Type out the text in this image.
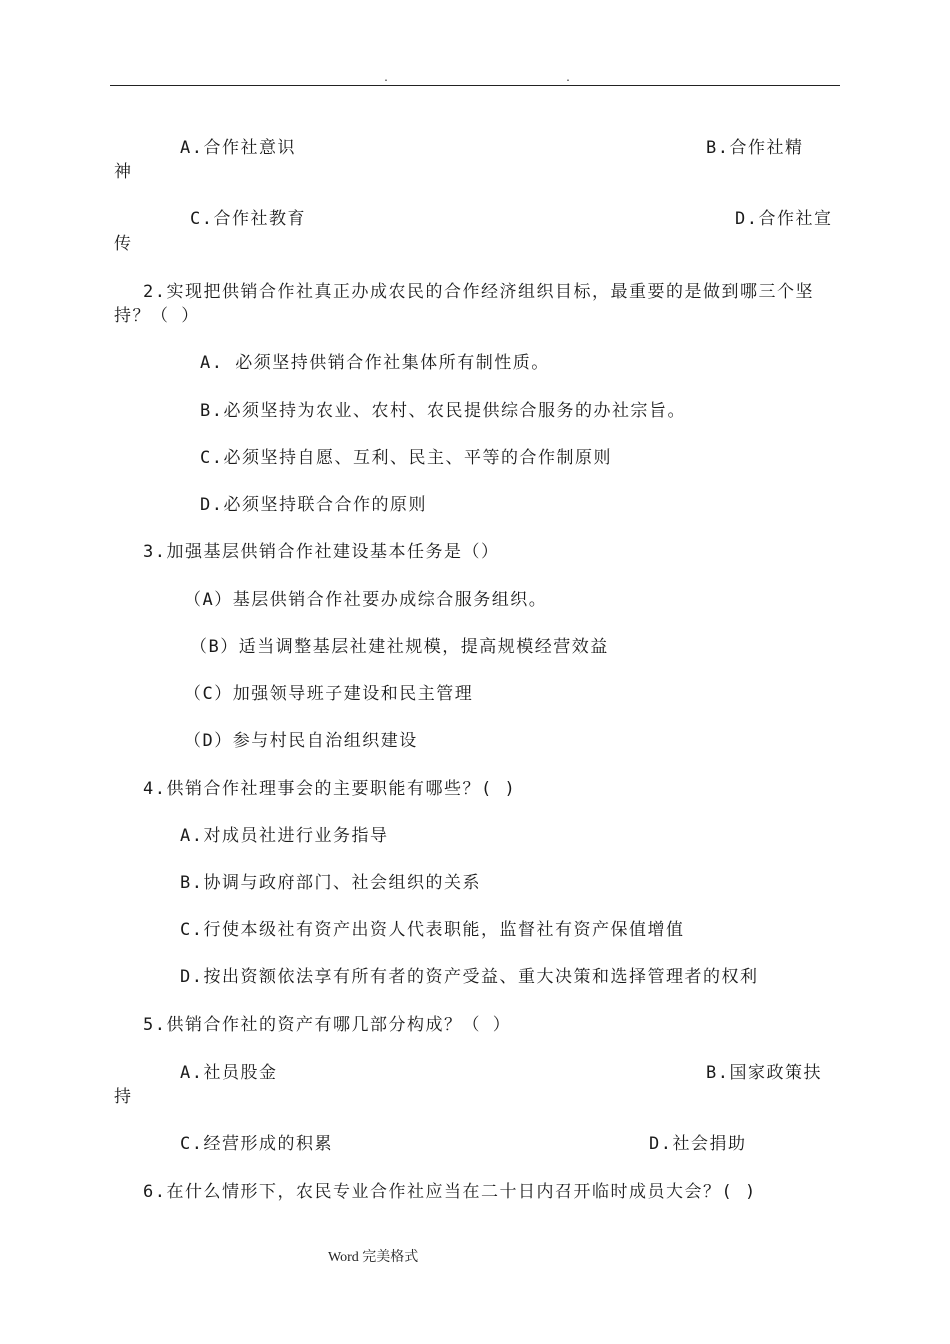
.	.
A.合作社意识	B.合作社精
神
C.合作社教育	D.合作社宣
传
2.实现把供销合作社真正办成农民的合作经济组织目标，最重要的是做到哪三个坚
持？（ ）
A. 必须坚持供销合作社集体所有制性质。
B.必须坚持为农业、农村、农民提供综合服务的办社宗旨。
C.必须坚持自愿、互利、民主、平等的合作制原则
D.必须坚持联合合作的原则
3.加强基层供销合作社建设基本任务是（）
（A）基层供销合作社要办成综合服务组织。
（B）适当调整基层社建社规模，提高规模经营效益
（C）加强领导班子建设和民主管理
（D）参与村民自治组织建设
4.供销合作社理事会的主要职能有哪些？( )
A.对成员社进行业务指导
B.协调与政府部门、社会组织的关系
C.行使本级社有资产出资人代表职能，监督社有资产保值增值
D.按出资额依法享有所有者的资产受益、重大决策和选择管理者的权利
5.供销合作社的资产有哪几部分构成？（ ）
A.社员股金	B.国家政策扶
持
C.经营形成的积累	D.社会捐助
6.在什么情形下，农民专业合作社应当在二十日内召开临时成员大会？( )
Word 完美格式
